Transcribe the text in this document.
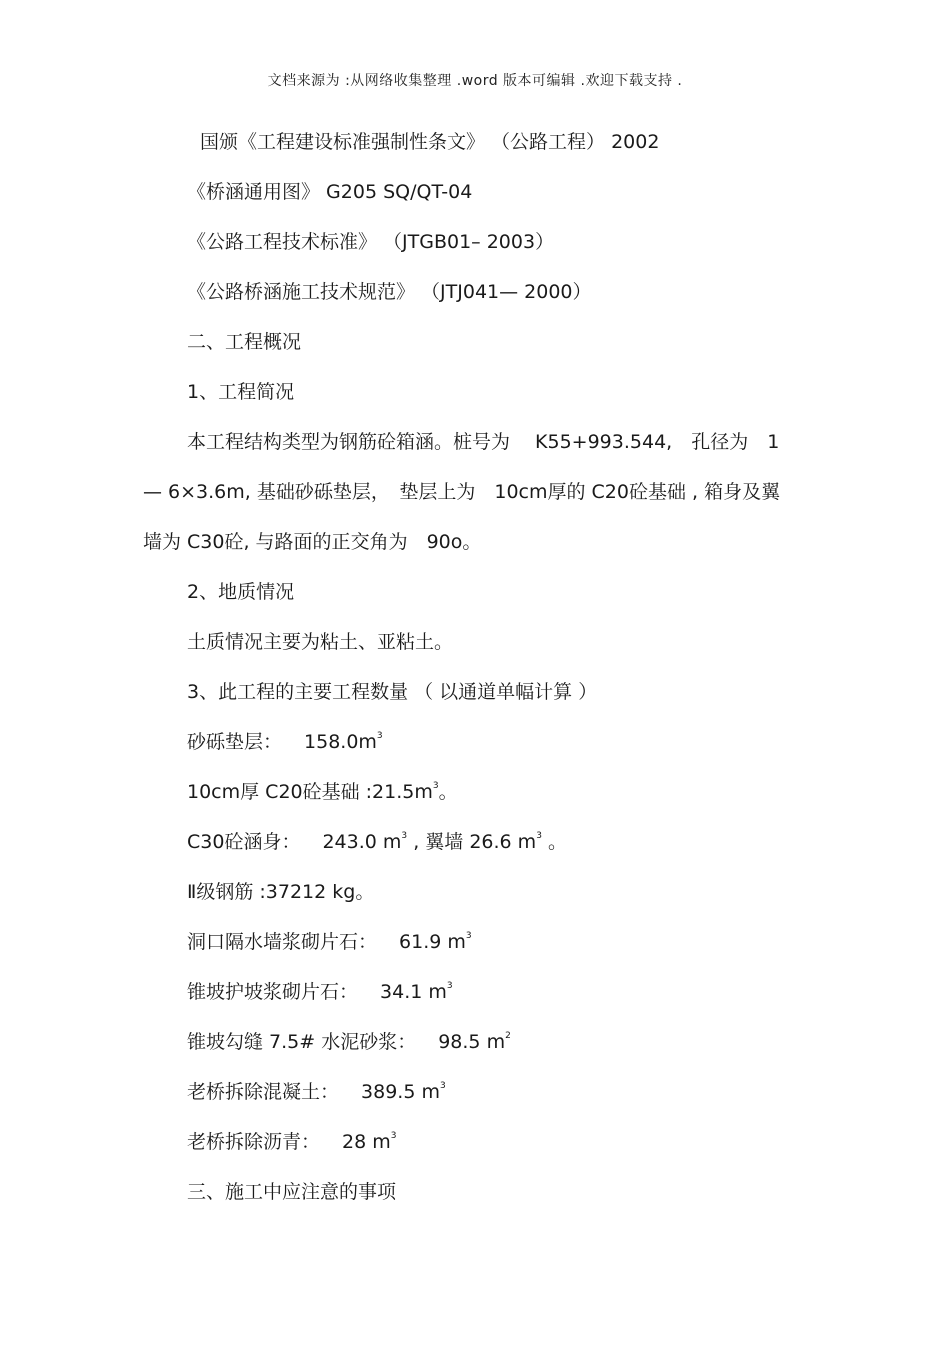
文档来源为 :从网络收集整理 .word 版本可编辑 .欢迎下载支持 .
国颁《工程建设标准强制性条文》 （公路工程） 2002
《桥涵通用图》 G205 SQ/QT-04
《公路工程技术标准》 （JTGB01– 2003）
《公路桥涵施工技术规范》 （JTJ041— 2000）
二、工程概况
1、工程简况
本工程结构类型为钢筋砼箱涵。桩号为　 K55+993.544,　孔径为　1
— 6×3.6m, 基础砂砾垫层，　垫层上为　10cm厚的 C20砼基础 , 箱身及翼
墙为 C30砼, 与路面的正交角为　90o。
2、地质情况
土质情况主要为粘土、亚粘土。
3、此工程的主要工程数量 （ 以通道单幅计算 ）
砂砾垫层： $158.0m^3$
10cm厚 C20砼基础 $:21.5m^3$。
C30砼涵身： 243.0 $m^3$ , 翼墙 26.6 $m^3$ 。
Ⅱ级钢筋 :37212 kg。
洞口隔水墙浆砌片石： 61.9 $m^3$
锥坡护坡浆砌片石： 34.1 $m^3$
锥坡勾缝 7.5# 水泥砂浆： 98.5 $m^2$
老桥拆除混凝土： 389.5 $m^3$
老桥拆除沥青： 28 $m^3$
三、施工中应注意的事项
